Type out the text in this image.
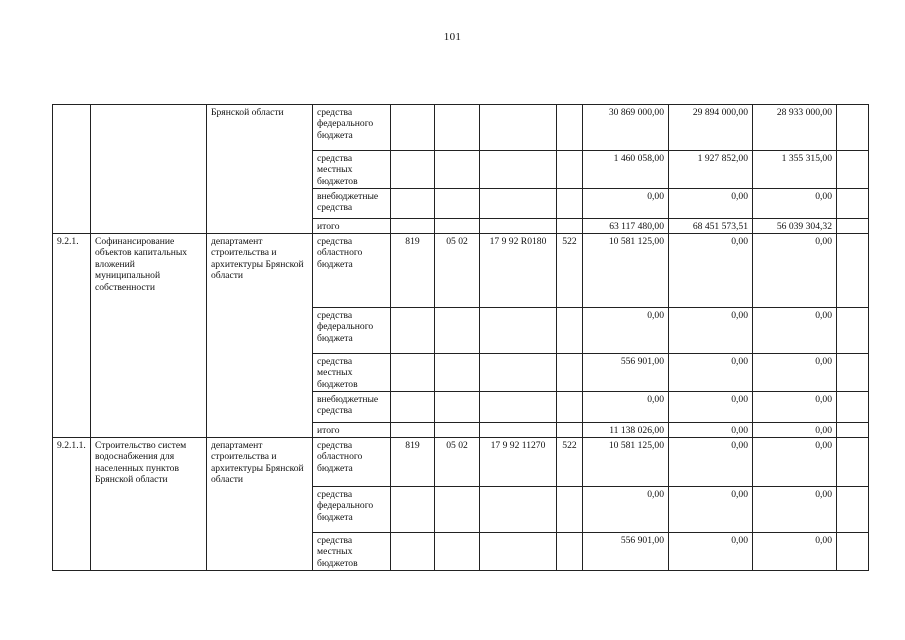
101
		Брянской области	средства федерального бюджета					30 869 000,00	29 894 000,00	28 933 000,00	
			средства местных бюджетов					1 460 058,00	1 927 852,00	1 355 315,00	
			внебюджетные средства					0,00	0,00	0,00	
			итого					63 117 480,00	68 451 573,51	56 039 304,32	
9.2.1.	Софинансирование объектов капитальных вложений муниципальной собственности	департамент строительства и архитектуры Брянской области	средства областного бюджета	819	05 02	17 9 92 R0180	522	10 581 125,00	0,00	0,00	
			средства федерального бюджета					0,00	0,00	0,00	
			средства местных бюджетов					556 901,00	0,00	0,00	
			внебюджетные средства					0,00	0,00	0,00	
			итого					11 138 026,00	0,00	0,00	
9.2.1.1.	Строительство систем водоснабжения для населенных пунктов Брянской области	департамент строительства и архитектуры Брянской области	средства областного бюджета	819	05 02	17 9 92 11270	522	10 581 125,00	0,00	0,00	
			средства федерального бюджета					0,00	0,00	0,00	
			средства местных бюджетов					556 901,00	0,00	0,00	
